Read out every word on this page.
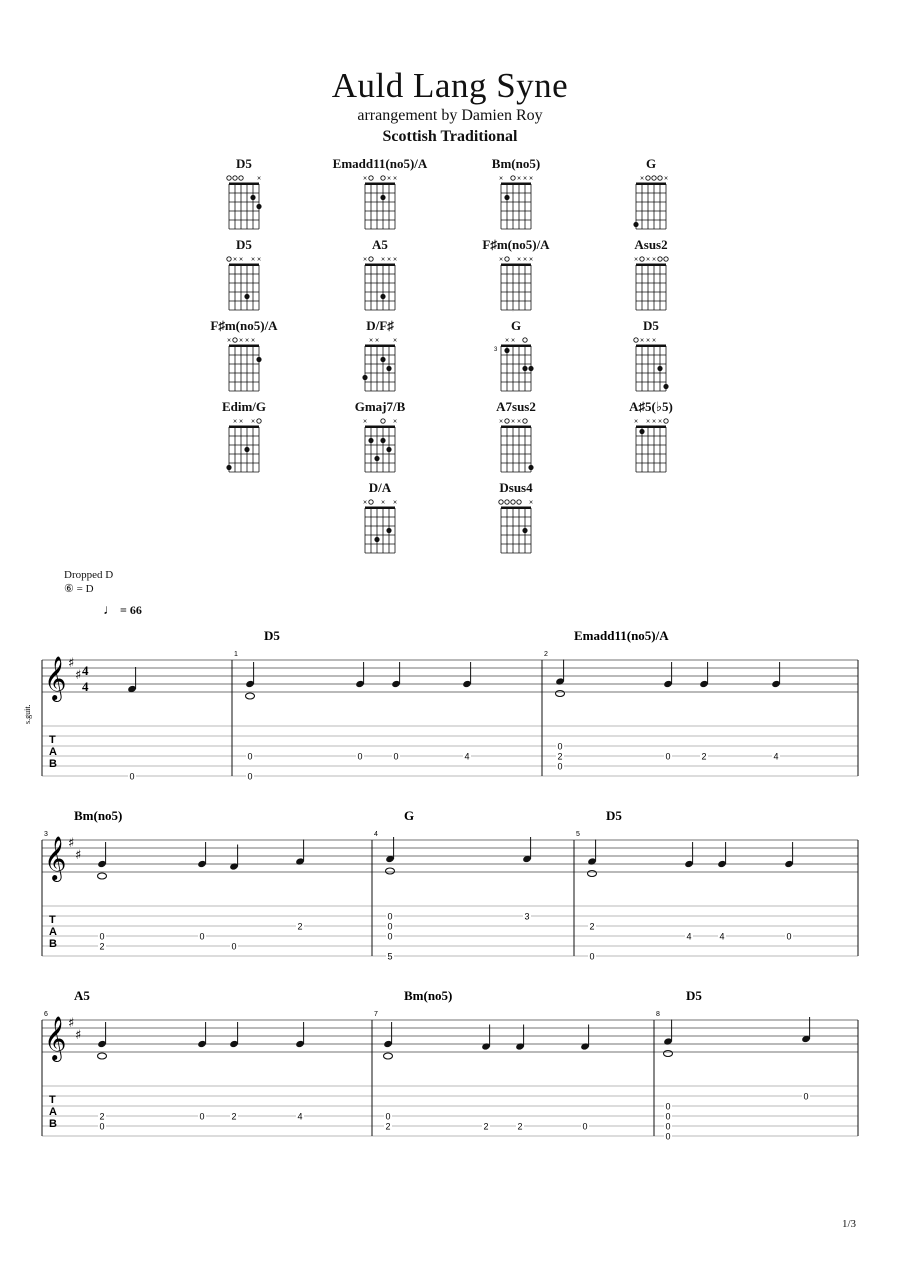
Auld Lang Syne
arrangement by Damien Roy
Scottish Traditional
D5
×
Emadd11(no5)/A
×	× ×
Bm(no5)
× × × ×
G
×	×
D5
× × × ×
A5
× × × ×
F♯m(no5)/A
× × × ×
Asus2
× × ×
F♯m(no5)/A
× × × ×
D/F♯
× × ×
G
× ×
3
D5
× × ×
Edim/G
× × ×
Gmaj7/B
×	×
A7sus2
× × ×
A♯5(♭5)
× × × ×
D/A
× × ×
Dsus4
×
Dropped D
⑥ = D
♩ = 66
𝄞 ♯
♯ 4
4
s.guit.
T
A
B
0
1
D5
0
0
0	0	4
2
Emadd11(no5)/A
0
2
0
0	2	4
𝄞 ♯
♯
T
A
B
3
Bm(no5)
0
2
0
0
2
4
G
0
0
0
5
3
5
D5
2
0
4	4	0
𝄞 ♯
♯
T
A
B
6
A5
2
0
0	2	4
7
Bm(no5)
0
2	2	2	0
8
D5
0
0
0
0
0
1/3
